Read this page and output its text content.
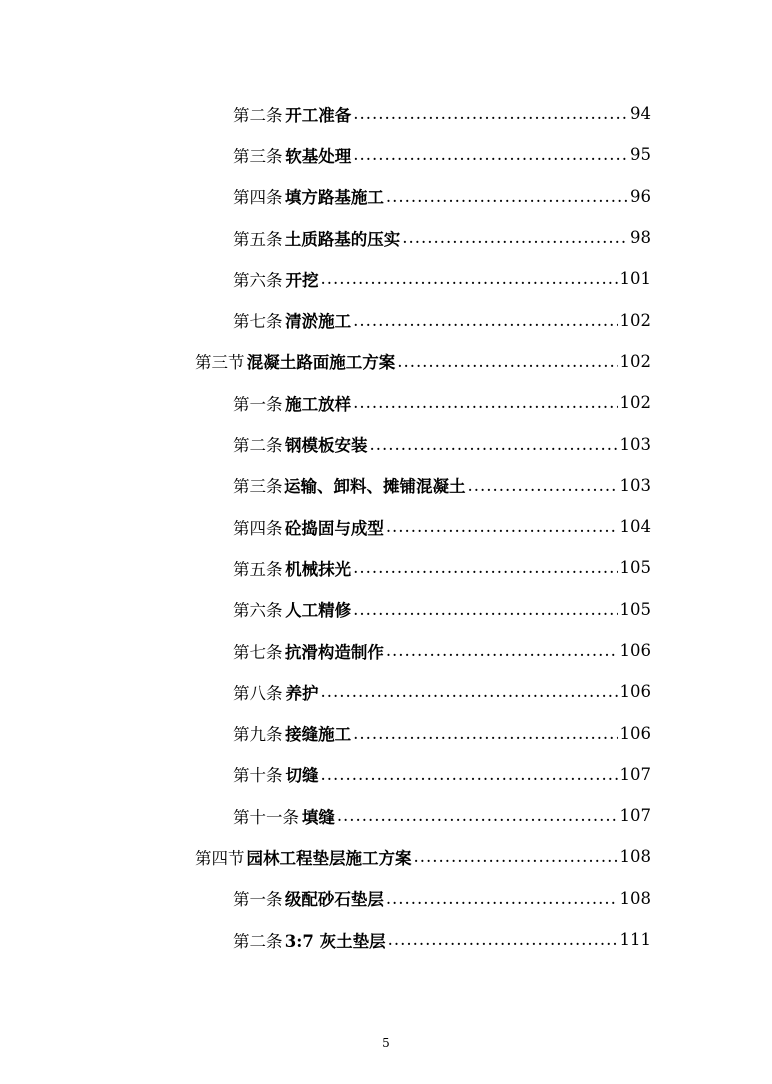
第二条 开工准备 .....	94
第三条 软基处理 .....	95
第四条 填方路基施工 .....	96
第五条 土质路基的压实 .....	98
第六条 开挖 .....	101
第七条 清淤施工 .....	102
第三节 混凝土路面施工方案 .....	102
第一条 施工放样 .....	102
第二条 钢模板安装 .....	103
第三条 运输、卸料、摊铺混凝土 .....	103
第四条 砼捣固与成型 .....	104
第五条 机械抹光 .....	105
第六条 人工精修 .....	105
第七条 抗滑构造制作 .....	106
第八条 养护 .....	106
第九条 接缝施工 .....	106
第十条 切缝 .....	107
第十一条 填缝 .....	107
第四节 园林工程垫层施工方案 .....	108
第一条 级配砂石垫层 .....	108
第二条 3:7 灰土垫层 .....	111
5
